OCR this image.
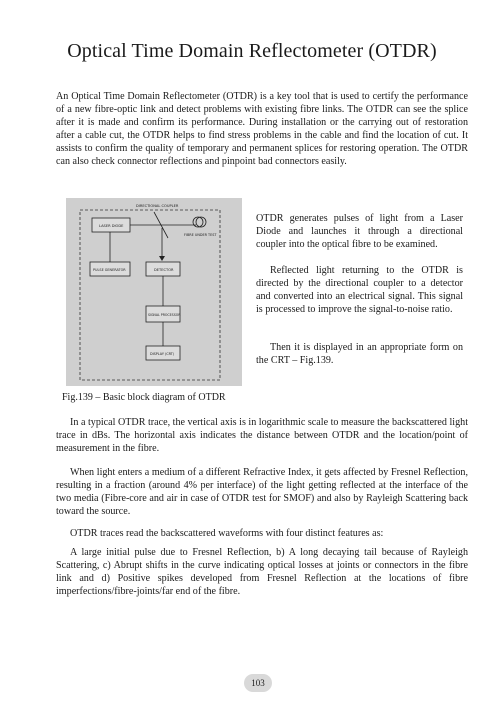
Optical Time Domain Reflectometer (OTDR)

An Optical Time Domain Reflectometer (OTDR) is a key tool that is used to certify the performance of a new fibre-optic link and detect problems with existing fibre links. The OTDR can see the splice after it is made and confirm its performance. During installation or the carrying out of restoration after a cable cut, the OTDR helps to find stress problems in the cable and find the location of cut. It assists to confirm the quality of temporary and permanent splices for restoring operation. The OTDR can also check connector reflections and pinpoint bad connectors easily.

DIRECTIONAL COUPLER
LASER DIODE
FIBRE UNDER TEST
PULSE GENERATOR	DETECTOR
SIGNAL PROCESSOR
DISPLAY (CRT)

Fig.139 – Basic block diagram of OTDR

OTDR generates pulses of light from a Laser Diode and launches it through a directional coupler into the optical fibre to be examined.

Reflected light returning to the OTDR is directed by the directional coupler to a detector and converted into an electrical signal. This signal is processed to improve the signal-to-noise ratio.

Then it is displayed in an appropriate form on the CRT – Fig.139.

In a typical OTDR trace, the vertical axis is in logarithmic scale to measure the backscattered light trace in dBs. The horizontal axis indicates the distance between OTDR and the location/point of measurement in the fibre.

When light enters a medium of a different Refractive Index, it gets affected by Fresnel Reflection, resulting in a fraction (around 4% per interface) of the light getting reflected at the interface of the two media (Fibre-core and air in case of OTDR test for SMOF) and also by Rayleigh Scattering back toward the source.

OTDR traces read the backscattered waveforms with four distinct features as:

A large initial pulse due to Fresnel Reflection, b) A long decaying tail because of Rayleigh Scattering, c) Abrupt shifts in the curve indicating optical losses at joints or connectors in the fibre link and d) Positive spikes developed from Fresnel Reflection at the locations of fibre imperfections/fibre-joints/far end of the fibre.

103
